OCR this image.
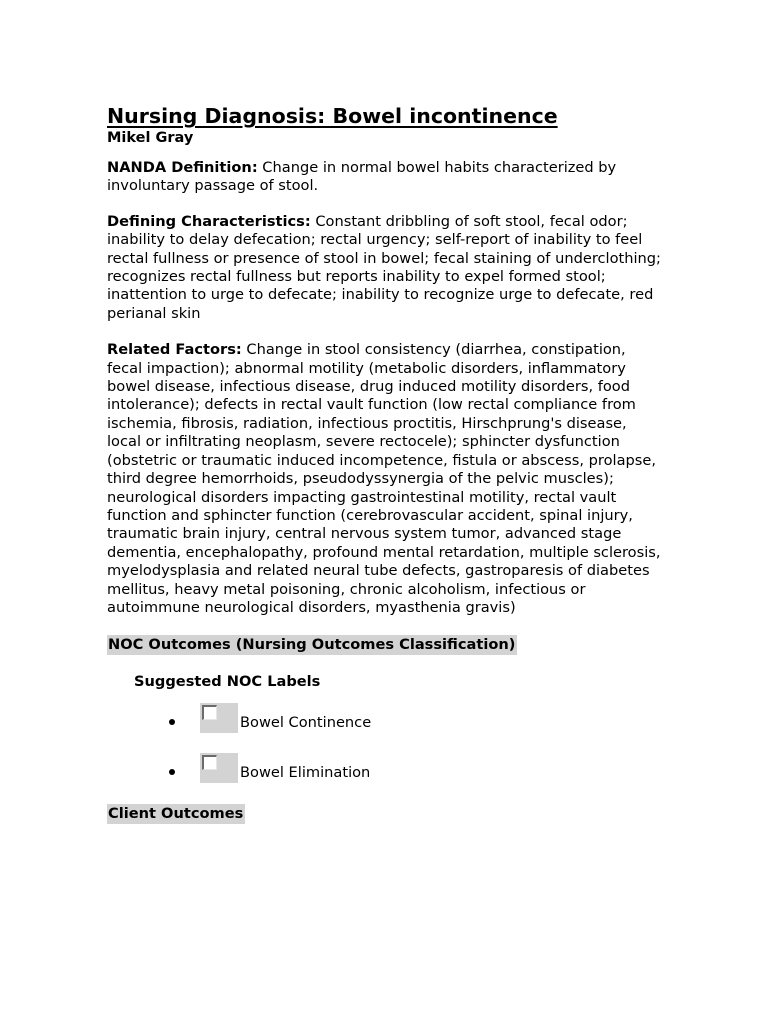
Nursing Diagnosis: Bowel incontinence

Mikel Gray

NANDA Definition: Change in normal bowel habits characterized by involuntary passage of stool.

Defining Characteristics: Constant dribbling of soft stool, fecal odor; inability to delay defecation; rectal urgency; self-report of inability to feel rectal fullness or presence of stool in bowel; fecal staining of underclothing; recognizes rectal fullness but reports inability to expel formed stool; inattention to urge to defecate; inability to recognize urge to defecate, red perianal skin

Related Factors: Change in stool consistency (diarrhea, constipation, fecal impaction); abnormal motility (metabolic disorders, inflammatory bowel disease, infectious disease, drug induced motility disorders, food intolerance); defects in rectal vault function (low rectal compliance from ischemia, fibrosis, radiation, infectious proctitis, Hirschprung's disease, local or infiltrating neoplasm, severe rectocele); sphincter dysfunction (obstetric or traumatic induced incompetence, fistula or abscess, prolapse, third degree hemorrhoids, pseudodyssynergia of the pelvic muscles); neurological disorders impacting gastrointestinal motility, rectal vault function and sphincter function (cerebrovascular accident, spinal injury, traumatic brain injury, central nervous system tumor, advanced stage dementia, encephalopathy, profound mental retardation, multiple sclerosis, myelodysplasia and related neural tube defects, gastroparesis of diabetes mellitus, heavy metal poisoning, chronic alcoholism, infectious or autoimmune neurological disorders, myasthenia gravis)

NOC Outcomes (Nursing Outcomes Classification)

Suggested NOC Labels

Bowel Continence
Bowel Elimination
Client Outcomes
